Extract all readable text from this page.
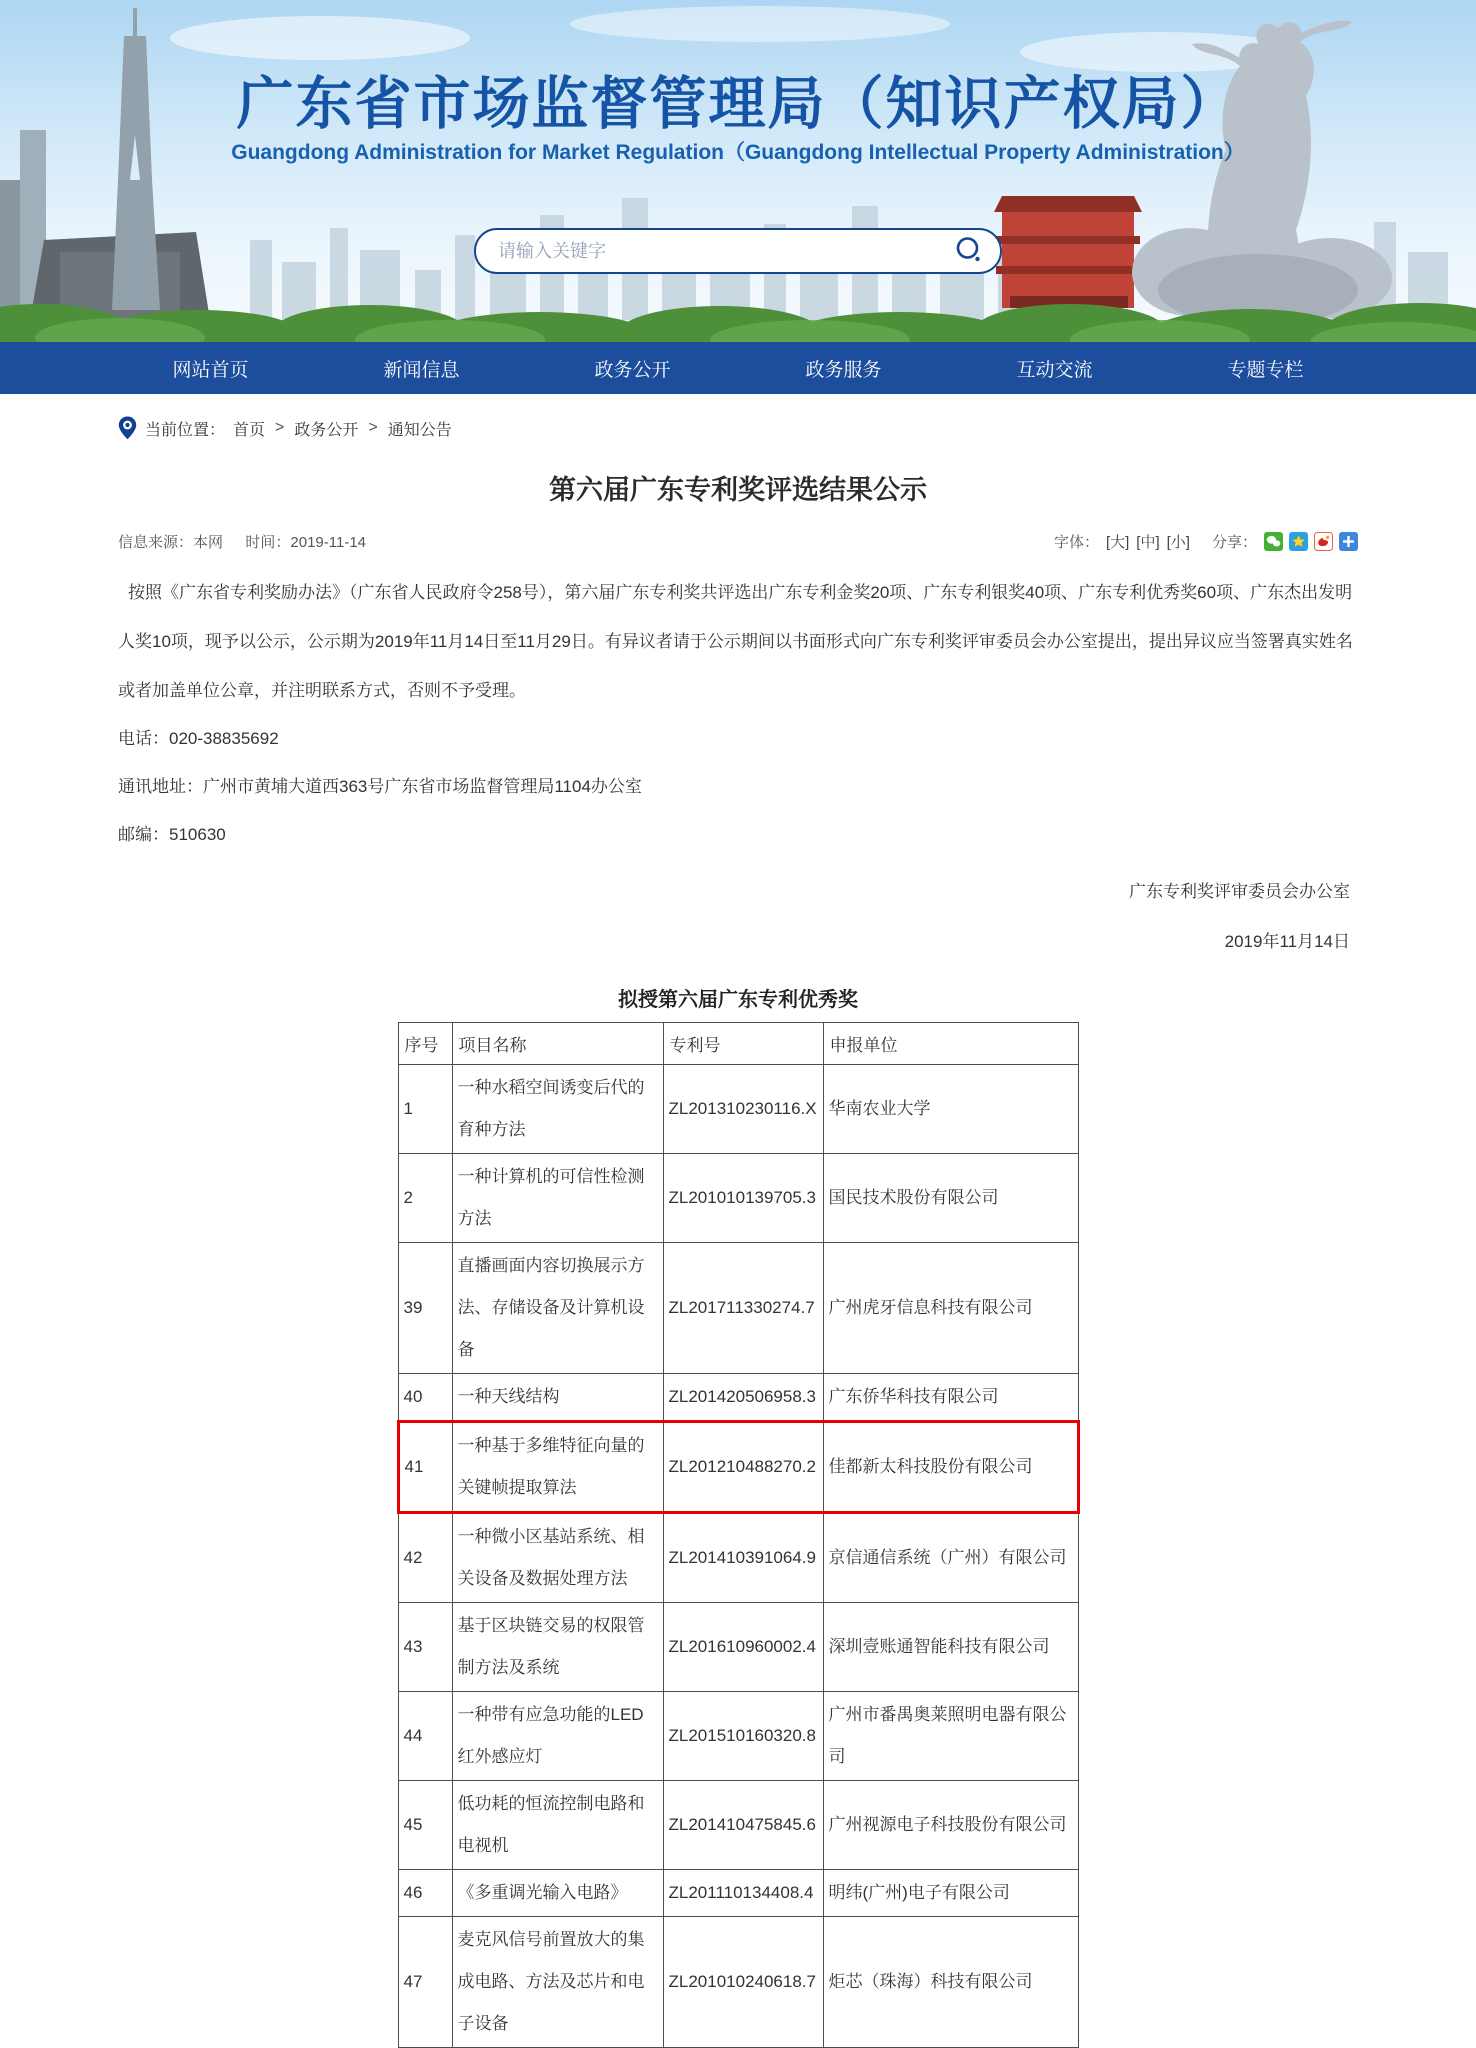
广东省市场监督管理局（知识产权局）
Guangdong Administration for Market Regulation（Guangdong Intellectual Property Administration）
请输入关键字
网站首页	新闻信息	政务公开	政务服务	互动交流	专题专栏
当前位置： 首页 > 政务公开 > 通知公告
第六届广东专利奖评选结果公示
信息来源：本网 时间：2019-11-14	字体： [大] [中] [小] 分享：

按照《广东省专利奖励办法》（广东省人民政府令258号），第六届广东专利奖共评选出广东专利金奖20项、广东专利银奖40项、广东专利优秀奖60项、广东杰出发明人奖10项，现予以公示，公示期为2019年11月14日至11月29日。有异议者请于公示期间以书面形式向广东专利奖评审委员会办公室提出，提出异议应当签署真实姓名或者加盖单位公章，并注明联系方式，否则不予受理。

电话：020-38835692

通讯地址：广州市黄埔大道西363号广东省市场监督管理局1104办公室

邮编：510630

广东专利奖评审委员会办公室

2019年11月14日

拟授第六届广东专利优秀奖
序号	项目名称	专利号	申报单位
1	一种水稻空间诱变后代的育种方法	ZL201310230116.X	华南农业大学
2	一种计算机的可信性检测方法	ZL201010139705.3	国民技术股份有限公司
39	直播画面内容切换展示方法、存储设备及计算机设备	ZL201711330274.7	广州虎牙信息科技有限公司
40	一种天线结构	ZL201420506958.3	广东侨华科技有限公司
41	一种基于多维特征向量的关键帧提取算法	ZL201210488270.2	佳都新太科技股份有限公司
42	一种微小区基站系统、相关设备及数据处理方法	ZL201410391064.9	京信通信系统（广州）有限公司
43	基于区块链交易的权限管制方法及系统	ZL201610960002.4	深圳壹账通智能科技有限公司
44	一种带有应急功能的LED红外感应灯	ZL201510160320.8	广州市番禺奥莱照明电器有限公司
45	低功耗的恒流控制电路和电视机	ZL201410475845.6	广州视源电子科技股份有限公司
46	《多重调光输入电路》	ZL201110134408.4	明纬(广州)电子有限公司
47	麦克风信号前置放大的集成电路、方法及芯片和电子设备	ZL201010240618.7	炬芯（珠海）科技有限公司
